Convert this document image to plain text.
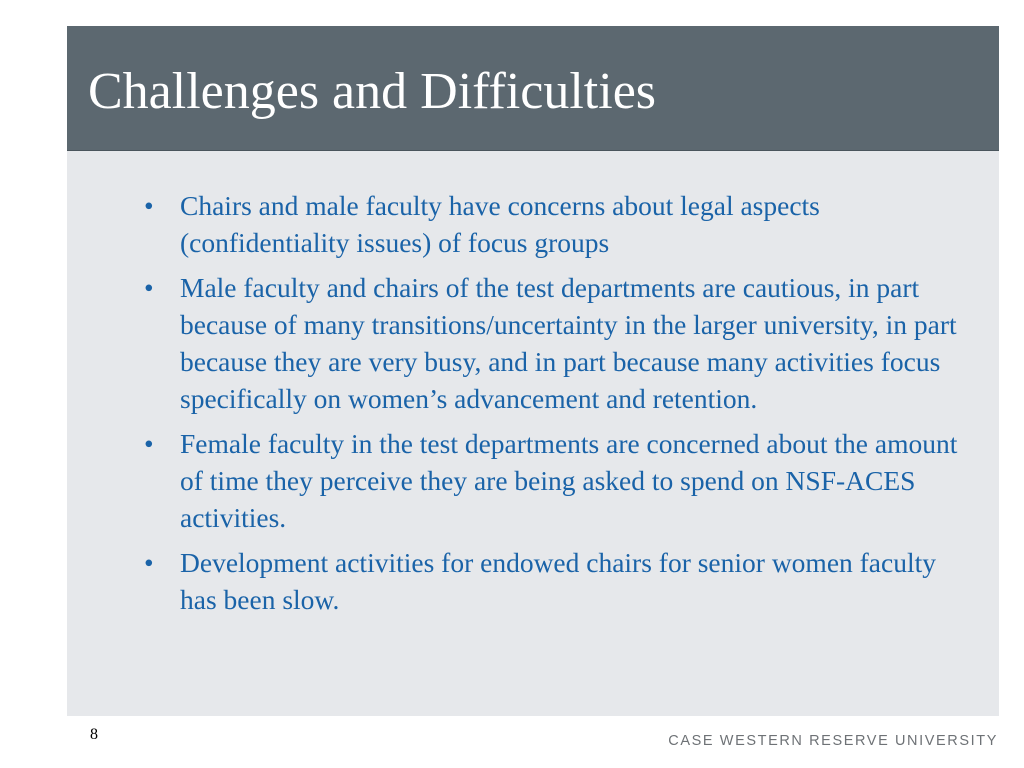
Challenges and Difficulties
• Chairs and male faculty have concerns about legal aspects (confidentiality issues) of focus groups
• Male faculty and chairs of the test departments are cautious, in part because of many transitions/uncertainty in the larger university, in part because they are very busy, and in part because many activities focus specifically on women’s advancement and retention.
• Female faculty in the test departments are concerned about the amount of time they perceive they are being asked to spend on NSF-ACES activities.
• Development activities for endowed chairs for senior women faculty has been slow.
8	CASE WESTERN RESERVE UNIVERSITY
